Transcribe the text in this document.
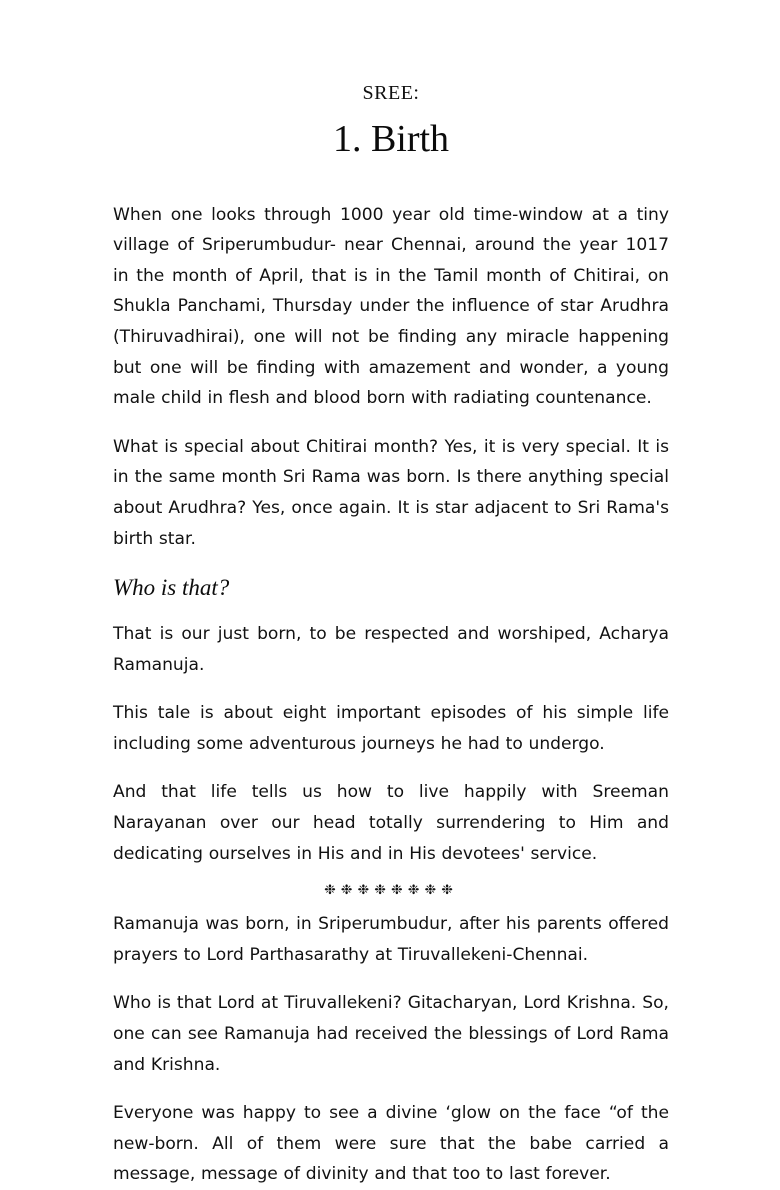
SREE:
1. Birth

When one looks through 1000 year old time-window at a tiny village of Sriperumbudur- near Chennai, around the year 1017 in the month of April, that is in the Tamil month of Chitirai, on Shukla Panchami, Thursday under the influence of star Arudhra (Thiruvadhirai), one will not be finding any miracle happening but one will be finding with amazement and wonder, a young male child in flesh and blood born with radiating countenance.

What is special about Chitirai month? Yes, it is very special. It is in the same month Sri Rama was born. Is there anything special about Arudhra? Yes, once again. It is star adjacent to Sri Rama's birth star.

Who is that?

That is our just born, to be respected and worshiped, Acharya Ramanuja.

This tale is about eight important episodes of his simple life including some adventurous journeys he had to undergo.

And that life tells us how to live happily with Sreeman Narayanan over our head totally surrendering to Him and dedicating ourselves in His and in His devotees' service.

❉❉❉❉❉❉❉❉

Ramanuja was born, in Sriperumbudur, after his parents offered prayers to Lord Parthasarathy at Tiruvallekeni-Chennai.

Who is that Lord at Tiruvallekeni? Gitacharyan, Lord Krishna. So, one can see Ramanuja had received the blessings of Lord Rama and Krishna.

Everyone was happy to see a divine ‘glow on the face “of the new-born. All of them were sure that the babe carried a message, message of divinity and that too to last forever.
